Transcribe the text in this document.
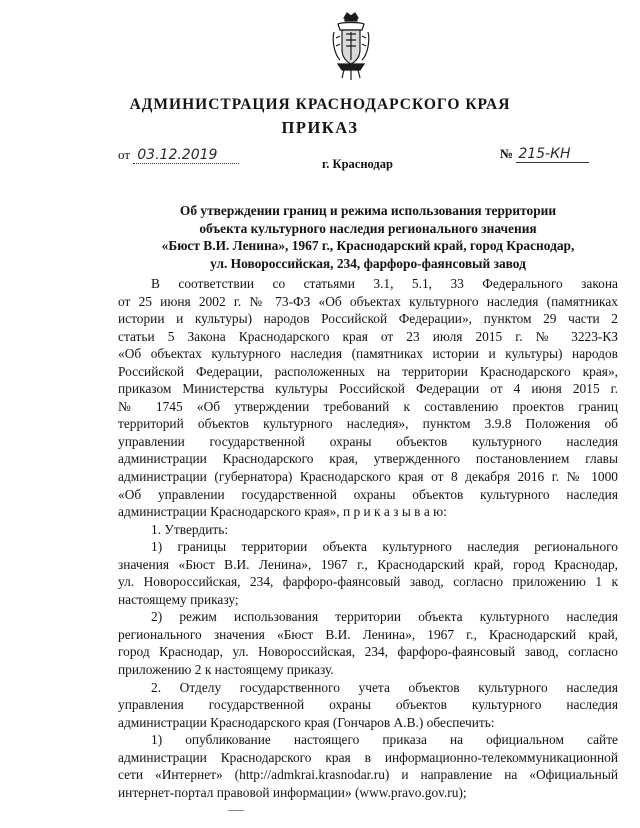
АДМИНИСТРАЦИЯ КРАСНОДАРСКОГО КРАЯ
ПРИКАЗ
от 03.12.2019
г. Краснодар
№ 215-КН
Об утверждении границ и режима использования территории
объекта культурного наследия регионального значения
«Бюст В.И. Ленина», 1967 г., Краснодарский край, город Краснодар,
ул. Новороссийская, 234, фарфоро-фаянсовый завод
В соответствии со статьями 3.1, 5.1, 33 Федерального закона
от 25 июня 2002 г. № 73-ФЗ «Об объектах культурного наследия (памятниках
истории и культуры) народов Российской Федерации», пунктом 29 части 2
статьи 5 Закона Краснодарского края от 23 июля 2015 г. № 3223-КЗ
«Об объектах культурного наследия (памятниках истории и культуры) народов
Российской Федерации, расположенных на территории Краснодарского края»,
приказом Министерства культуры Российской Федерации от 4 июня 2015 г.
№ 1745 «Об утверждении требований к составлению проектов границ
территорий объектов культурного наследия», пунктом 3.9.8 Положения об
управлении государственной охраны объектов культурного наследия
администрации Краснодарского края, утвержденного постановлением главы
администрации (губернатора) Краснодарского края от 8 декабря 2016 г. № 1000
«Об управлении государственной охраны объектов культурного наследия
администрации Краснодарского края», п р и к а з ы в а ю:
1. Утвердить:
1) границы территории объекта культурного наследия регионального
значения «Бюст В.И. Ленина», 1967 г., Краснодарский край, город Краснодар,
ул. Новороссийская, 234, фарфоро-фаянсовый завод, согласно приложению 1 к
настоящему приказу;
2) режим использования территории объекта культурного наследия
регионального значения «Бюст В.И. Ленина», 1967 г., Краснодарский край,
город Краснодар, ул. Новороссийская, 234, фарфоро-фаянсовый завод, согласно
приложению 2 к настоящему приказу.
2. Отделу государственного учета объектов культурного наследия
управления государственной охраны объектов культурного наследия
администрации Краснодарского края (Гончаров А.В.) обеспечить:
1) опубликование настоящего приказа на официальном сайте
администрации Краснодарского края в информационно-телекоммуникационной
сети «Интернет» (http://admkrai.krasnodar.ru) и направление на «Официальный
интернет-портал правовой информации» (www.pravo.gov.ru);
